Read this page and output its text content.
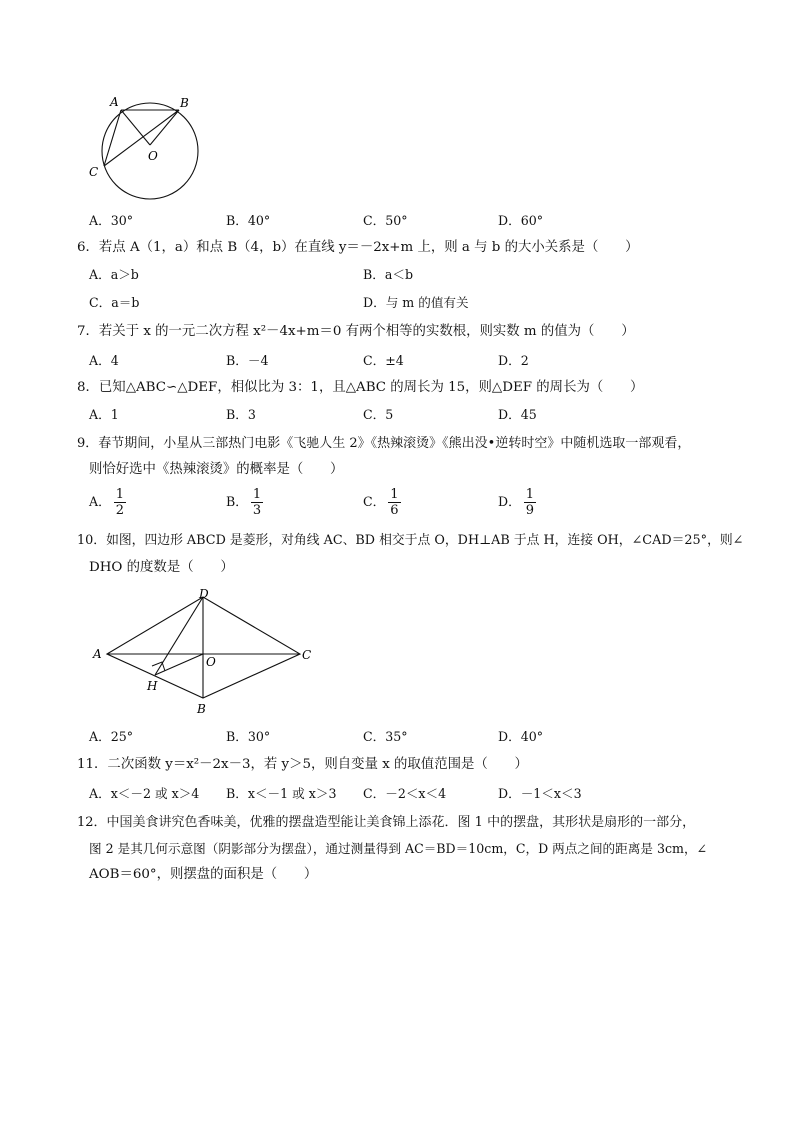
A	B
C
O
A．30°	B．40°	C．50°	D．60°
6．若点 A（1，a）和点 B（4，b）在直线 y＝－2x+m 上，则 a 与 b 的大小关系是（　　）
A．a＞b	B．a＜b
C．a＝b	D．与 m 的值有关
7．若关于 x 的一元二次方程 x²－4x+m＝0 有两个相等的实数根，则实数 m 的值为（　　）
A．4	B．－4	C．±4	D．2
8．已知△ABC∽△DEF，相似比为 3：1，且△ABC 的周长为 15，则△DEF 的周长为（　　）
A．1	B．3	C．5	D．45
9．春节期间，小星从三部热门电影《飞驰人生 2》《热辣滚烫》《熊出没•逆转时空》中随机选取一部观看，
则恰好选中《热辣滚烫》的概率是（　　）
A． $\frac{1}{2}$	B． $\frac{1}{3}$	C． $\frac{1}{6}$	D． $\frac{1}{9}$
10．如图，四边形 ABCD 是菱形，对角线 AC、BD 相交于点 O，DH⊥AB 于点 H，连接 OH，∠CAD＝25°，则∠
DHO 的度数是（　　）
D
A	C
O
H
B
A．25°	B．30°	C．35°	D．40°
11．二次函数 y＝x²－2x－3，若 y＞5，则自变量 x 的取值范围是（　　）
A．x＜－2 或 x＞4 B．x＜－1 或 x＞3 C．－2＜x＜4	D．－1＜x＜3
12．中国美食讲究色香味美，优雅的摆盘造型能让美食锦上添花．图 1 中的摆盘，其形状是扇形的一部分，
图 2 是其几何示意图（阴影部分为摆盘），通过测量得到 AC＝BD＝10cm，C，D 两点之间的距离是 3cm，∠
AOB＝60°，则摆盘的面积是（　　）
